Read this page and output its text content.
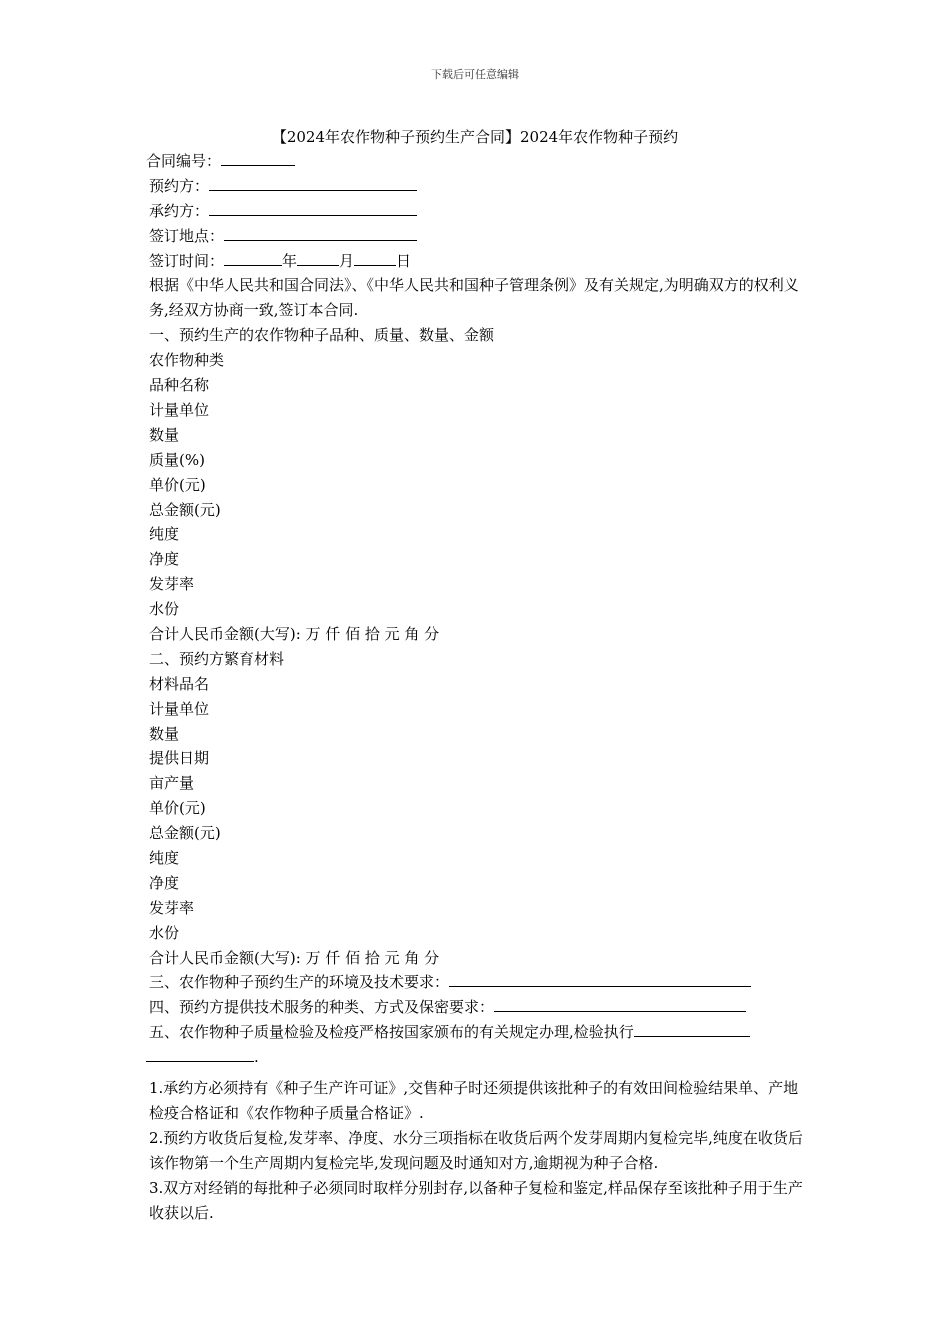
下载后可任意编辑
【2024年农作物种子预约生产合同】2024年农作物种子预约
合同编号：
预约方：
承约方：
签订地点：
签订时间：	年	月	日
根据《中华人民共和国合同法》、《中华人民共和国种子管理条例》及有关规定,为明确双方的权利义务,经双方协商一致,签订本合同.
一、预约生产的农作物种子品种、质量、数量、金额
农作物种类
品种名称
计量单位
数量
质量(%)
单价(元)
总金额(元)
纯度
净度
发芽率
水份
合计人民币金额(大写): 万 仟 佰 拾 元 角 分
二、预约方繁育材料
材料品名
计量单位
数量
提供日期
亩产量
单价(元)
总金额(元)
纯度
净度
发芽率
水份
合计人民币金额(大写): 万 仟 佰 拾 元 角 分
三、农作物种子预约生产的环境及技术要求：
四、预约方提供技术服务的种类、方式及保密要求：
五、农作物种子质量检验及检疫严格按国家颁布的有关规定办理,检验执行
.
1.承约方必须持有《种子生产许可证》,交售种子时还须提供该批种子的有效田间检验结果单、产地检疫合格证和《农作物种子质量合格证》.
2.预约方收货后复检,发芽率、净度、水分三项指标在收货后两个发芽周期内复检完毕,纯度在收货后该作物第一个生产周期内复检完毕,发现问题及时通知对方,逾期视为种子合格.
3.双方对经销的每批种子必须同时取样分别封存,以备种子复检和鉴定,样品保存至该批种子用于生产收获以后.
